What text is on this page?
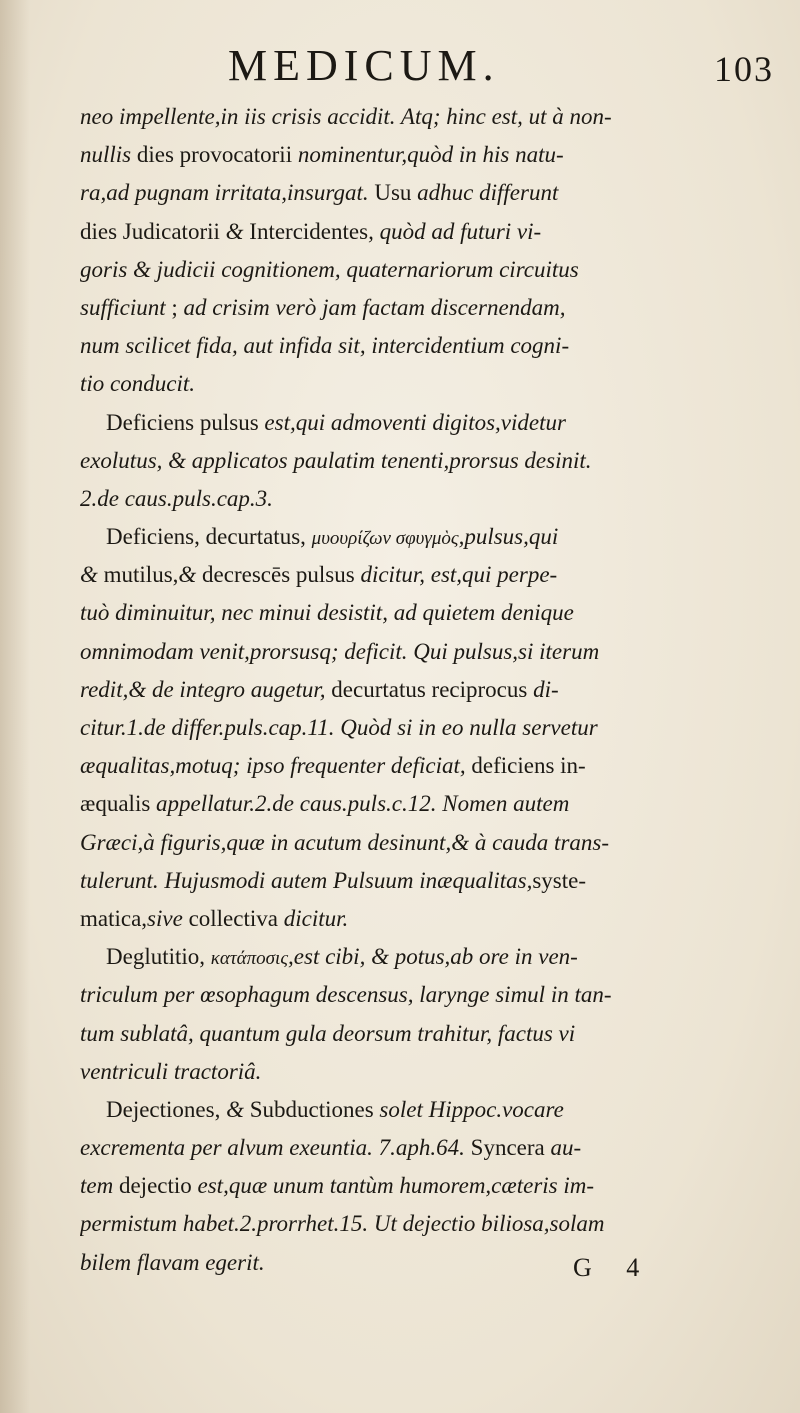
MEDICUM.	103
neo impellente,in iis crisis accidit. Atq; hinc est, ut à non-
nullis dies provocatorii nominentur,quòd in his natu-
ra,ad pugnam irritata,insurgat. Usu adhuc differunt
dies Judicatorii & Intercidentes, quòd ad futuri vi-
goris & judicii cognitionem, quaternariorum circuitus
sufficiunt ; ad crisim verò jam factam discernendam,
num scilicet fida, aut infida sit, intercidentium cogni-
tio conducit.
Deficiens pulsus est,qui admoventi digitos,videtur
exolutus, & applicatos paulatim tenenti,prorsus desinit.
2.de caus.puls.cap.3.
Deficiens, decurtatus, μυουρίζων σφυγμὸς,pulsus,qui
& mutilus,& decrescēs pulsus dicitur, est,qui perpe-
tuò diminuitur, nec minui desistit, ad quietem denique
omnimodam venit,prorsusq; deficit. Qui pulsus,si iterum
redit,& de integro augetur, decurtatus reciprocus di-
citur.1.de differ.puls.cap.11. Quòd si in eo nulla servetur
æqualitas,motuq; ipso frequenter deficiat, deficiens in-
æqualis appellatur.2.de caus.puls.c.12. Nomen autem
Græci,à figuris,quæ in acutum desinunt,& à cauda trans-
tulerunt. Hujusmodi autem Pulsuum inæqualitas,syste-
matica,sive collectiva dicitur.
Deglutitio, κατάποσις,est cibi, & potus,ab ore in ven-
triculum per œsophagum descensus, larynge simul in tan-
tum sublatâ, quantum gula deorsum trahitur, factus vi
ventriculi tractoriâ.
Dejectiones, & Subductiones solet Hippoc.vocare
excrementa per alvum exeuntia. 7.aph.64. Syncera au-
tem dejectio est,quæ unum tantùm humorem,cæteris im-
permistum habet.2.prorrhet.15. Ut dejectio biliosa,solam
bilem flavam egerit.	G 4
